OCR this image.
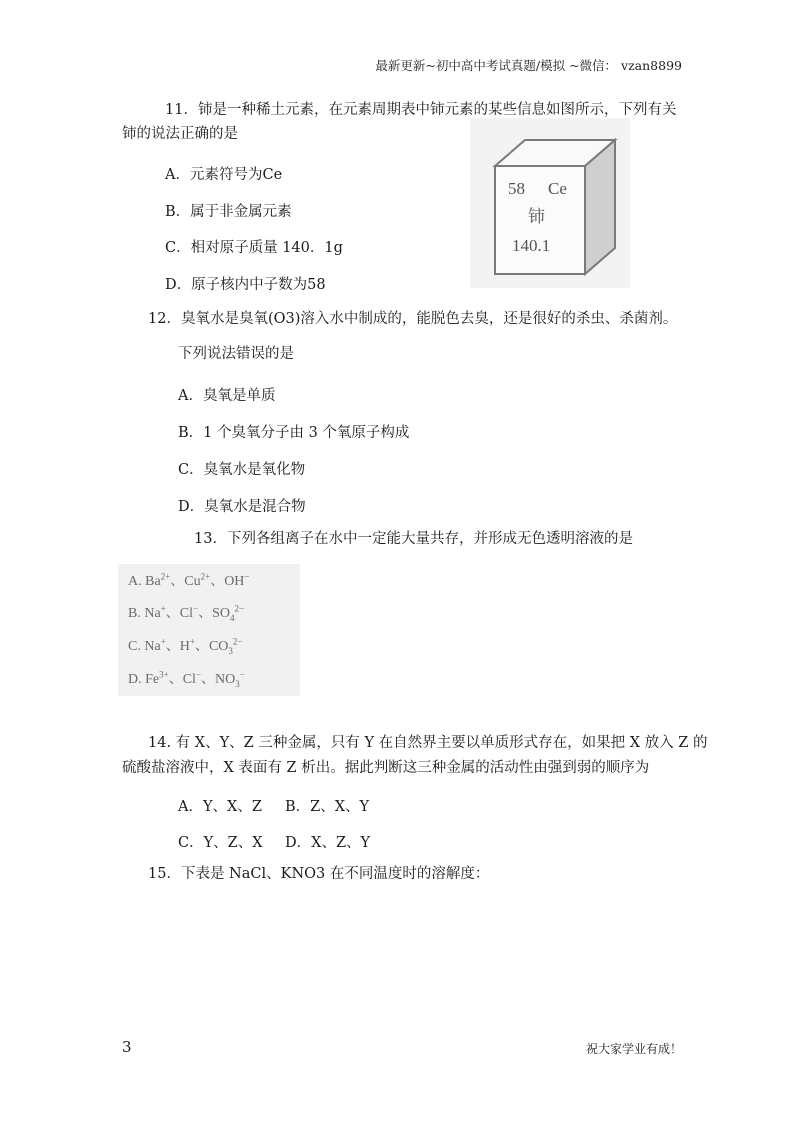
最新更新~初中高中考试真题/模拟 ~微信： vzan8899
11．铈是一种稀土元素，在元素周期表中铈元素的某些信息如图所示，下列有关
铈的说法正确的是
A．元素符号为Ce
B．属于非金属元素
C．相对原子质量 140．1g
D．原子核内中子数为58
58 Ce
铈
140.1
12．臭氧水是臭氧(O3)溶入水中制成的，能脱色去臭，还是很好的杀虫、杀菌剂。
下列说法错误的是
A．臭氧是单质
B．1 个臭氧分子由 3 个氧原子构成
C．臭氧水是氧化物
D．臭氧水是混合物
13．下列各组离子在水中一定能大量共存，并形成无色透明溶液的是
A. $Ba^{2+}$、$Cu^{2+}$、OH−
B. Na+、Cl−、$SO_4^{2-}$
C. Na+、H+、$CO_3^{2-}$
D. $Fe^{3+}$、Cl−、$NO_3^-$
14. 有 X、Y、Z 三种金属，只有 Y 在自然界主要以单质形式存在，如果把 X 放入 Z 的
硫酸盐溶液中，X 表面有 Z 析出。据此判断这三种金属的活动性由强到弱的顺序为
A．Y、X、Z B．Z、X、Y
C．Y、Z、X D．X、Z、Y
15．下表是 NaCl、KNO3 在不同温度时的溶解度：
3	祝大家学业有成！
